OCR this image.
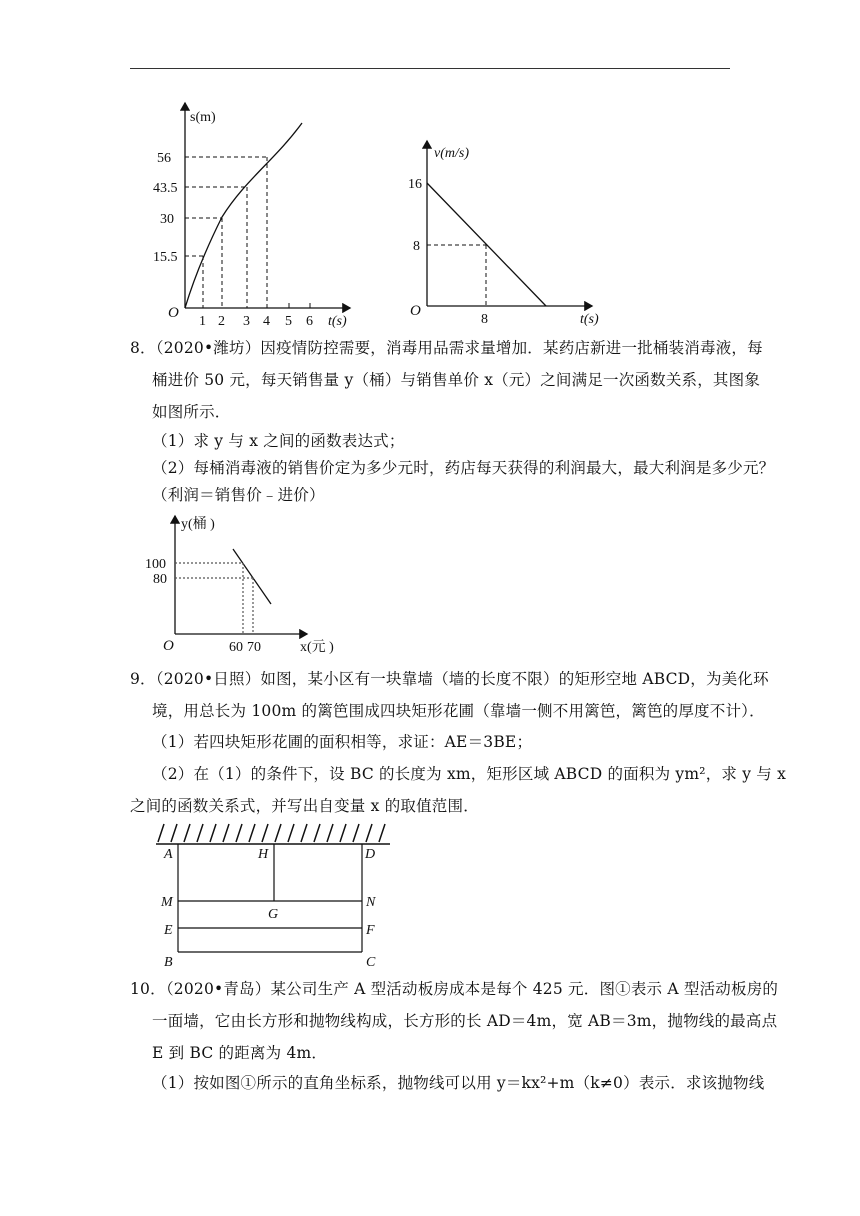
s(m)
t(s)
O
56
43.5
30
15.5
1 2 3 4 5 6
v(m/s)
t(s)
O
16
8
8
8．（2020•潍坊）因疫情防控需要，消毒用品需求量增加．某药店新进一批桶装消毒液，每
桶进价 50 元，每天销售量 y（桶）与销售单价 x（元）之间满足一次函数关系，其图象
如图所示．
（1）求 y 与 x 之间的函数表达式；
（2）每桶消毒液的销售价定为多少元时，药店每天获得的利润最大，最大利润是多少元？
（利润＝销售价﹣进价）
y(桶 )
x(元 )
O
100
80
60 70
9．（2020•日照）如图，某小区有一块靠墙（墙的长度不限）的矩形空地 ABCD，为美化环
境，用总长为 100m 的篱笆围成四块矩形花圃（靠墙一侧不用篱笆，篱笆的厚度不计）．
（1）若四块矩形花圃的面积相等，求证：AE＝3BE；
（2）在（1）的条件下，设 BC 的长度为 xm，矩形区域 ABCD 的面积为 ym²，求 y 与 x
之间的函数关系式，并写出自变量 x 的取值范围．
A	H	D
M
G
N
E	F
B	C
10．（2020•青岛）某公司生产 A 型活动板房成本是每个 425 元．图①表示 A 型活动板房的
一面墙，它由长方形和抛物线构成，长方形的长 AD＝4m，宽 AB＝3m，抛物线的最高点
E 到 BC 的距离为 4m．
（1）按如图①所示的直角坐标系，抛物线可以用 y＝kx²+m（k≠0）表示．求该抛物线
